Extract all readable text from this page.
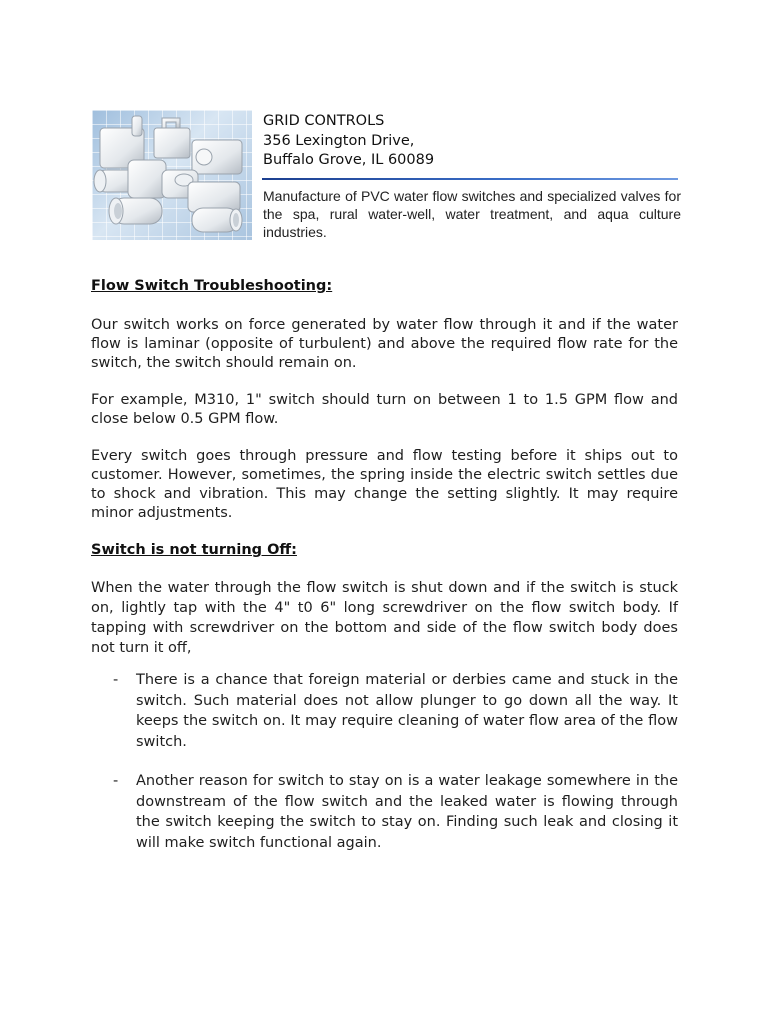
GRID CONTROLS
356 Lexington Drive,
Buffalo Grove, IL 60089
Manufacture of PVC water flow switches and specialized valves for the spa, rural water-well, water treatment, and aqua culture industries.
Flow Switch Troubleshooting:
Our switch works on force generated by water flow through it and if the water flow is laminar (opposite of turbulent) and above the required flow rate for the switch, the switch should remain on.
For example, M310, 1" switch should turn on between 1 to 1.5 GPM flow and close below 0.5 GPM flow.
Every switch goes through pressure and flow testing before it ships out to customer. However, sometimes, the spring inside the electric switch settles due to shock and vibration. This may change the setting slightly. It may require minor adjustments.
Switch is not turning Off:
When the water through the flow switch is shut down and if the switch is stuck on, lightly tap with the 4" t0 6" long screwdriver on the flow switch body. If tapping with screwdriver on the bottom and side of the flow switch body does not turn it off,
- There is a chance that foreign material or derbies came and stuck in the switch. Such material does not allow plunger to go down all the way. It keeps the switch on. It may require cleaning of water flow area of the flow switch.
- Another reason for switch to stay on is a water leakage somewhere in the downstream of the flow switch and the leaked water is flowing through the switch keeping the switch to stay on. Finding such leak and closing it will make switch functional again.
